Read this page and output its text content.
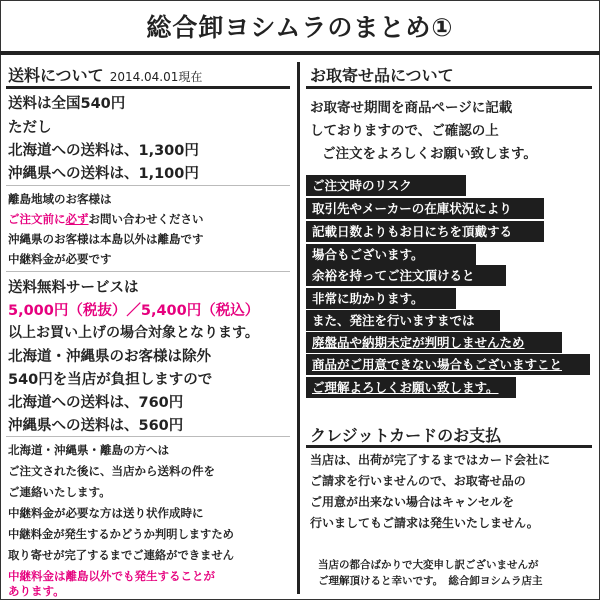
総合卸ヨシムラのまとめ①
送料について 2014.04.01現在
送料は全国540円
ただし
北海道への送料は、1,300円
沖縄県への送料は、1,100円
離島地域のお客様は
ご注文前に必ずお問い合わせください
沖縄県のお客様は本島以外は離島です
中継料金が必要です
送料無料サービスは
5,000円（税抜）／5,400円（税込）
以上お買い上げの場合対象となります。
北海道・沖縄県のお客様は除外
540円を当店が負担しますので
北海道への送料は、760円
沖縄県への送料は、560円
北海道・沖縄県・離島の方へは
ご注文された後に、当店から送料の件を
ご連絡いたします。
中継料金が必要な方は送り状作成時に
中継料金が発生するかどうか判明しますため
取り寄せが完了するまでご連絡ができません
中継料金は離島以外でも発生することが
あります。
お取寄せ品について
お取寄せ期間を商品ページに記載
しておりますので、ご確認の上
ご注文をよろしくお願い致します。
ご注文時のリスク
取引先やメーカーの在庫状況により
記載日数よりもお日にちを頂戴する
場合もございます。
余裕を持ってご注文頂けると
非常に助かります。
また、発注を行いますまでは
廃盤品や納期未定が判明しませんため
商品がご用意できない場合もございますこと
ご理解よろしくお願い致します。
クレジットカードのお支払
当店は、出荷が完了するまではカード会社に
ご請求を行いませんので、お取寄せ品の
ご用意が出来ない場合はキャンセルを
行いましてもご請求は発生いたしません。
当店の都合ばかりで大変申し訳ございませんが
ご理解頂けると幸いです。　総合卸ヨシムラ店主
